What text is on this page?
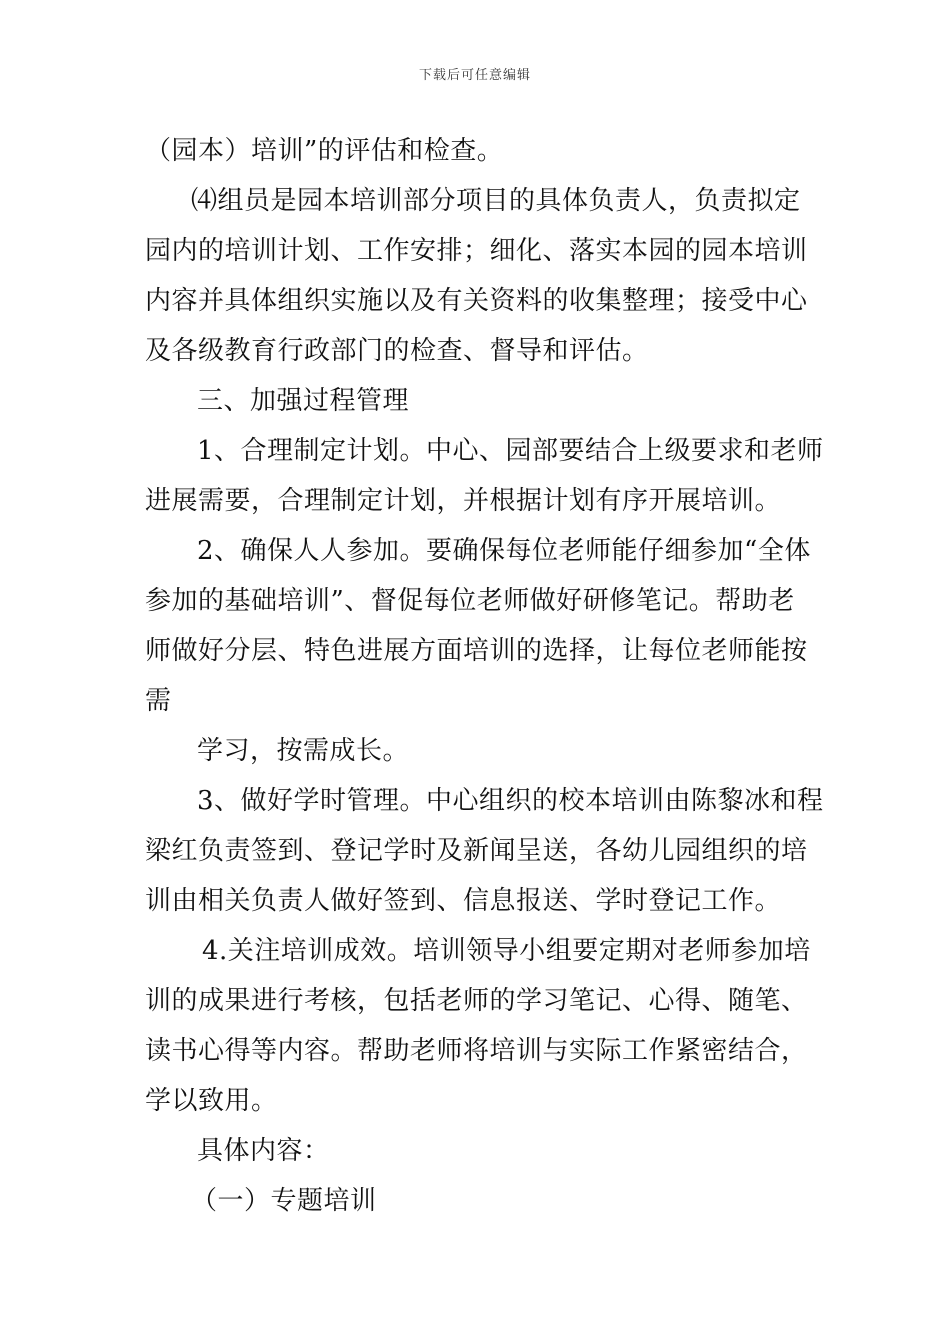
下载后可任意编辑
（园本）培训”的评估和检查。
⑷组员是园本培训部分项目的具体负责人，负责拟定
园内的培训计划、工作安排；细化、落实本园的园本培训
内容并具体组织实施以及有关资料的收集整理；接受中心
及各级教育行政部门的检查、督导和评估。
三、加强过程管理
1、合理制定计划。中心、园部要结合上级要求和老师
进展需要，合理制定计划，并根据计划有序开展培训。
2、确保人人参加。要确保每位老师能仔细参加“全体
参加的基础培训”、督促每位老师做好研修笔记。帮助老
师做好分层、特色进展方面培训的选择，让每位老师能按
需
学习，按需成长。
3、做好学时管理。中心组织的校本培训由陈黎冰和程
梁红负责签到、登记学时及新闻呈送，各幼儿园组织的培
训由相关负责人做好签到、信息报送、学时登记工作。
4.关注培训成效。培训领导小组要定期对老师参加培
训的成果进行考核，包括老师的学习笔记、心得、随笔、
读书心得等内容。帮助老师将培训与实际工作紧密结合，
学以致用。
具体内容：
（一）专题培训
